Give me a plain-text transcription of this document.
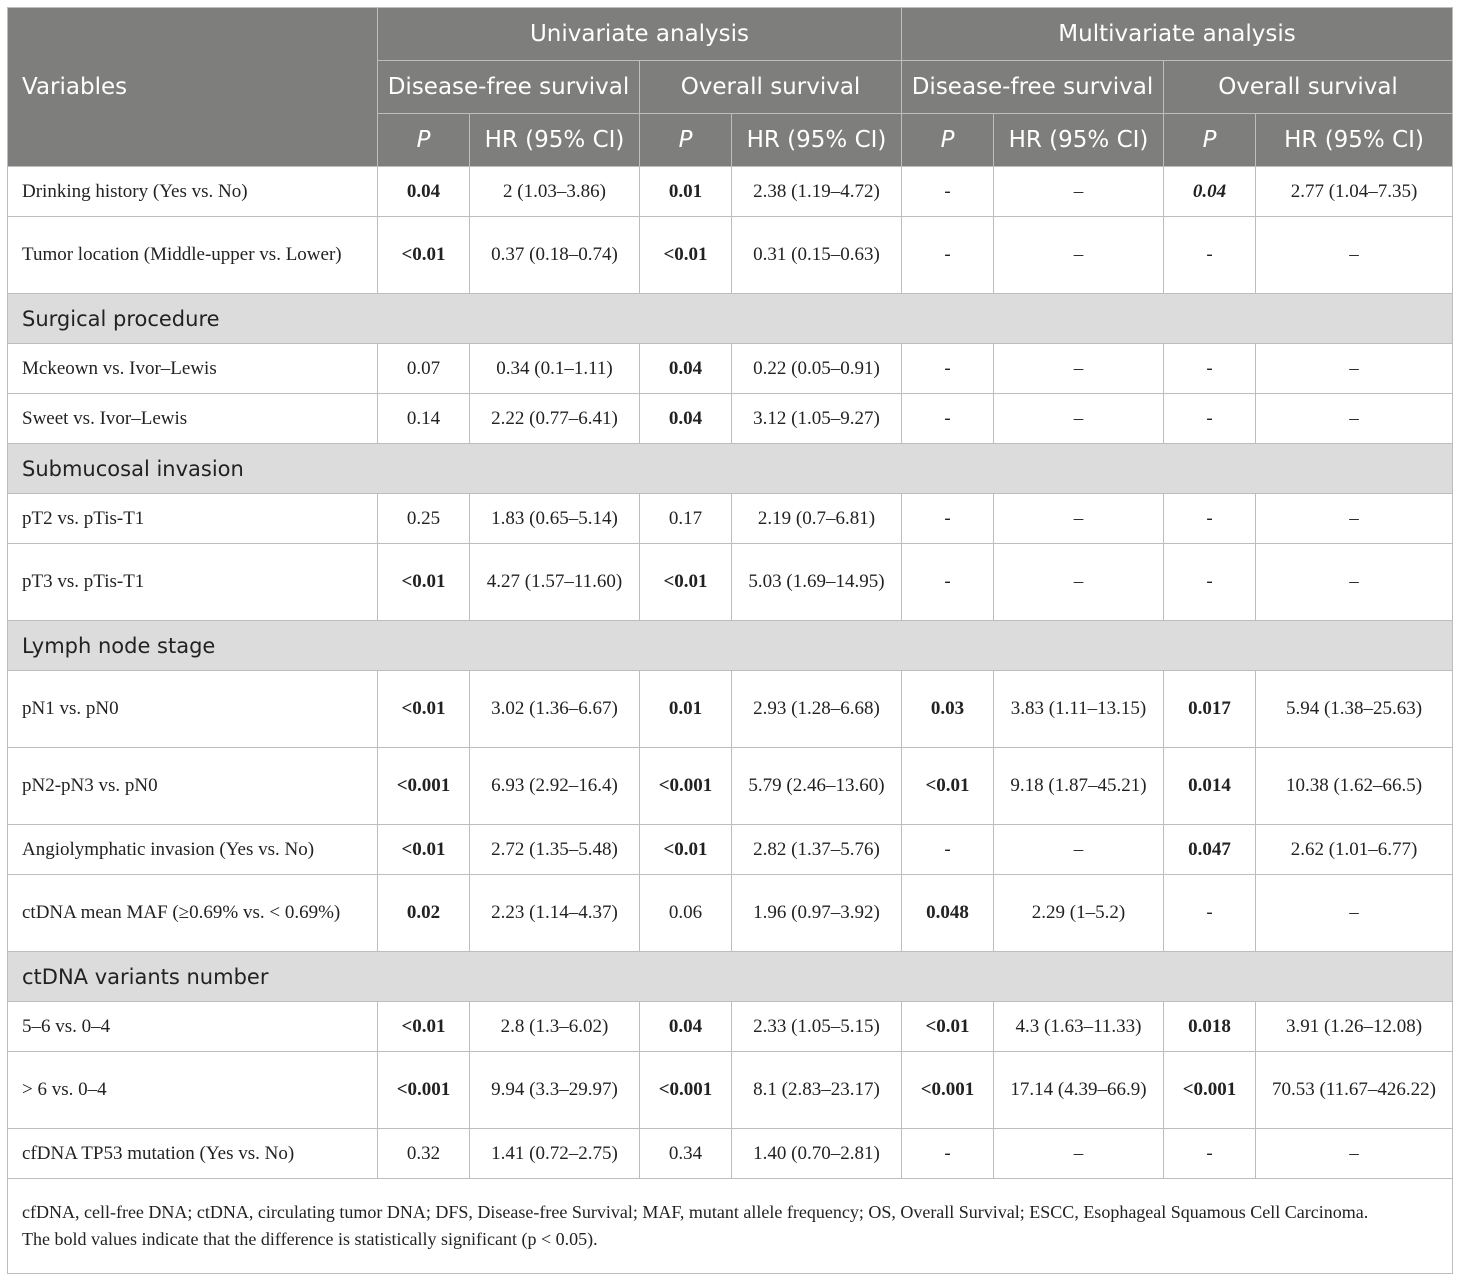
Variables	Univariate analysis				Multivariate analysis			
	Disease-free survival		Overall survival		Disease-free survival		Overall survival	
	P	HR (95% CI)	P	HR (95% CI)	P	HR (95% CI)	P	HR (95% CI)
Drinking history (Yes vs. No)	0.04	2 (1.03–3.86)	0.01	2.38 (1.19–4.72)	-	–	0.04	2.77 (1.04–7.35)
Tumor location (Middle-upper vs. Lower)	<0.01	0.37 (0.18–0.74)	<0.01	0.31 (0.15–0.63)	-	–	-	–
Surgical procedure								
Mckeown vs. Ivor–Lewis	0.07	0.34 (0.1–1.11)	0.04	0.22 (0.05–0.91)	-	–	-	–
Sweet vs. Ivor–Lewis	0.14	2.22 (0.77–6.41)	0.04	3.12 (1.05–9.27)	-	–	-	–
Submucosal invasion								
pT2 vs. pTis-T1	0.25	1.83 (0.65–5.14)	0.17	2.19 (0.7–6.81)	-	–	-	–
pT3 vs. pTis-T1	<0.01	4.27 (1.57–11.60)	<0.01	5.03 (1.69–14.95)	-	–	-	–
Lymph node stage								
pN1 vs. pN0	<0.01	3.02 (1.36–6.67)	0.01	2.93 (1.28–6.68)	0.03	3.83 (1.11–13.15)	0.017	5.94 (1.38–25.63)
pN2-pN3 vs. pN0	<0.001	6.93 (2.92–16.4)	<0.001	5.79 (2.46–13.60)	<0.01	9.18 (1.87–45.21)	0.014	10.38 (1.62–66.5)
Angiolymphatic invasion (Yes vs. No)	<0.01	2.72 (1.35–5.48)	<0.01	2.82 (1.37–5.76)	-	–	0.047	2.62 (1.01–6.77)
ctDNA mean MAF (≥0.69% vs. < 0.69%)	0.02	2.23 (1.14–4.37)	0.06	1.96 (0.97–3.92)	0.048	2.29 (1–5.2)	-	–
ctDNA variants number								
5–6 vs. 0–4	<0.01	2.8 (1.3–6.02)	0.04	2.33 (1.05–5.15)	<0.01	4.3 (1.63–11.33)	0.018	3.91 (1.26–12.08)
> 6 vs. 0–4	<0.001	9.94 (3.3–29.97)	<0.001	8.1 (2.83–23.17)	<0.001	17.14 (4.39–66.9)	<0.001	70.53 (11.67–426.22)
cfDNA TP53 mutation (Yes vs. No)	0.32	1.41 (0.72–2.75)	0.34	1.40 (0.70–2.81)	-	–	-	–

cfDNA, cell-free DNA; ctDNA, circulating tumor DNA; DFS, Disease-free Survival; MAF, mutant allele frequency; OS, Overall Survival; ESCC, Esophageal Squamous Cell Carcinoma.
The bold values indicate that the difference is statistically significant (p < 0.05).								
